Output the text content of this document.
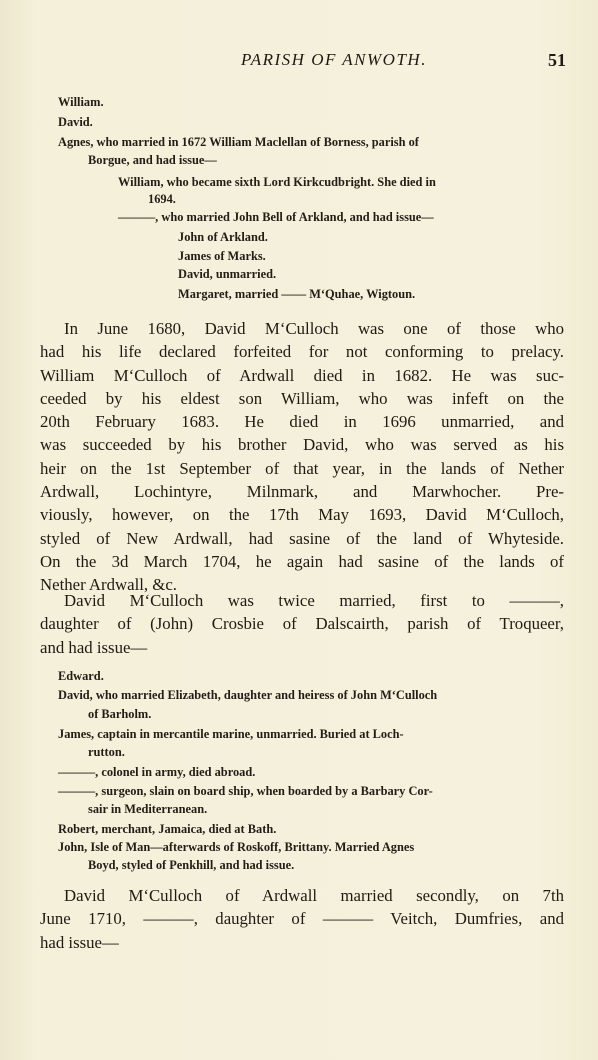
PARISH OF ANWOTH.	51
William.
David.
Agnes, who married in 1672 William Maclellan of Borness, parish of
Borgue, and had issue—
William, who became sixth Lord Kirkcudbright. She died in
1694.
———, who married John Bell of Arkland, and had issue—
John of Arkland.
James of Marks.
David, unmarried.
Margaret, married —— M‘Quhae, Wigtoun.
In June 1680, David M‘Culloch was one of those who
had his life declared forfeited for not conforming to prelacy.
William M‘Culloch of Ardwall died in 1682. He was suc-
ceeded by his eldest son William, who was infeft on the
20th February 1683. He died in 1696 unmarried, and
was succeeded by his brother David, who was served as his
heir on the 1st September of that year, in the lands of Nether
Ardwall, Lochintyre, Milnmark, and Marwhocher. Pre-
viously, however, on the 17th May 1693, David M‘Culloch,
styled of New Ardwall, had sasine of the land of Whyteside.
On the 3d March 1704, he again had sasine of the lands of
Nether Ardwall, &c.
David M‘Culloch was twice married, first to ———,
daughter of (John) Crosbie of Dalscairth, parish of Troqueer,
and had issue—
Edward.
David, who married Elizabeth, daughter and heiress of John M‘Culloch
of Barholm.
James, captain in mercantile marine, unmarried. Buried at Loch-
rutton.
———, colonel in army, died abroad.
———, surgeon, slain on board ship, when boarded by a Barbary Cor-
sair in Mediterranean.
Robert, merchant, Jamaica, died at Bath.
John, Isle of Man—afterwards of Roskoff, Brittany. Married Agnes
Boyd, styled of Penkhill, and had issue.
David M‘Culloch of Ardwall married secondly, on 7th
June 1710, ———, daughter of ——— Veitch, Dumfries, and
had issue—
